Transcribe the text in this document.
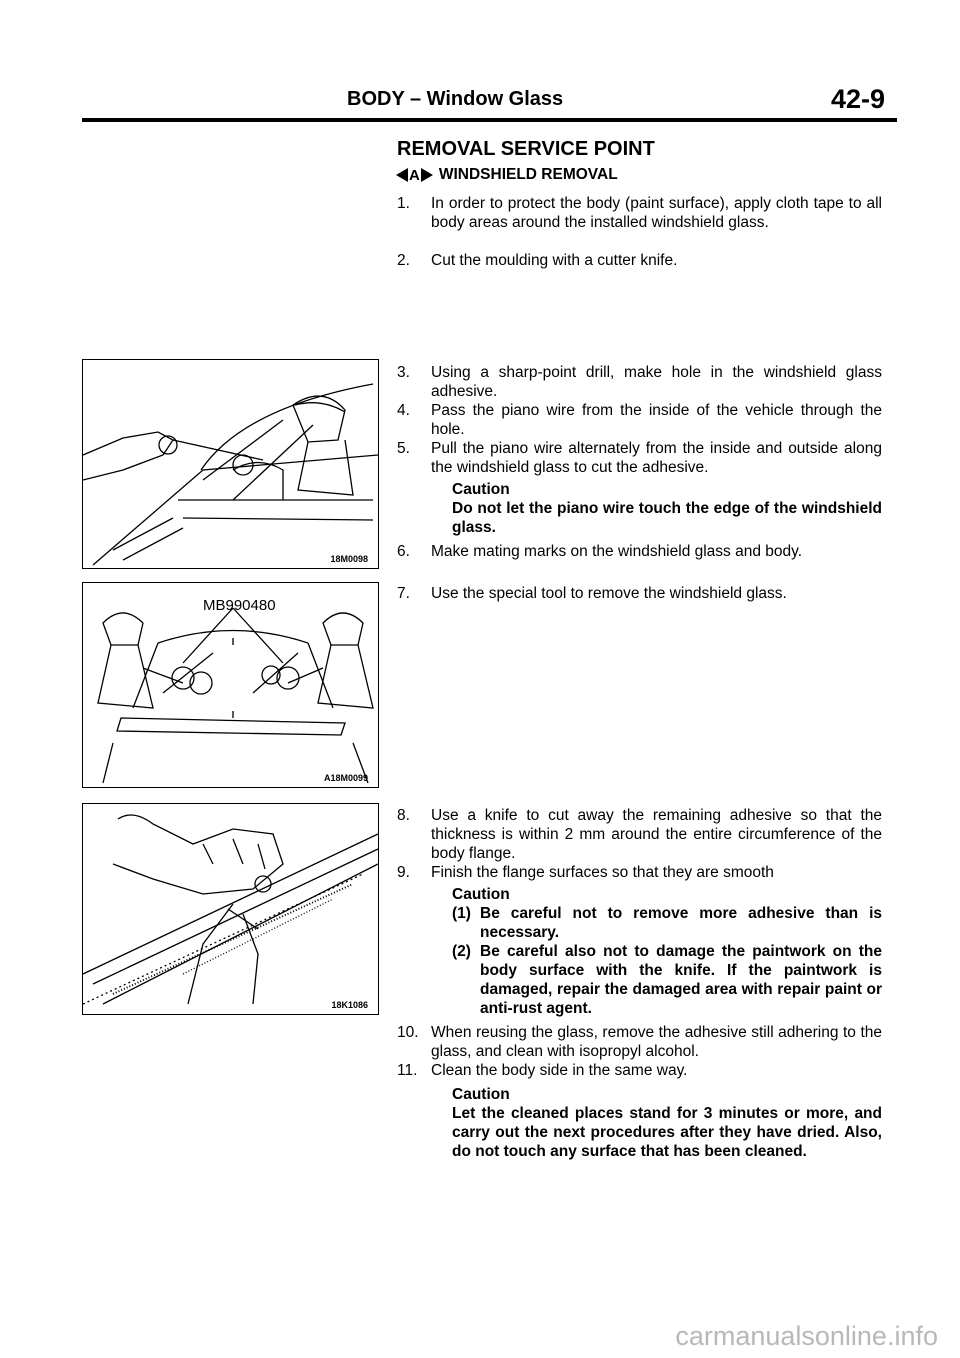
BODY – Window Glass	42-9
REMOVAL SERVICE POINT
A WINDSHIELD REMOVAL
1.	In order to protect the body (paint surface), apply cloth tape to all body areas around the installed windshield glass.
2.	Cut the moulding with a cutter knife.
3.	Using a sharp-point drill, make hole in the windshield glass adhesive.
4.	Pass the piano wire from the inside of the vehicle through the hole.
5.	Pull the piano wire alternately from the inside and outside along the windshield glass to cut the adhesive.
Caution
Do not let the piano wire touch the edge of the windshield glass.
6.	Make mating marks on the windshield glass and body.
7.	Use the special tool to remove the windshield glass.
8.	Use a knife to cut away the remaining adhesive so that the thickness is within 2 mm around the entire circumference of the body flange.
9.	Finish the flange surfaces so that they are smooth
Caution
(1) Be careful not to remove more adhesive than is necessary.
(2) Be careful also not to damage the paintwork on the body surface with the knife. If the paintwork is damaged, repair the damaged area with repair paint or anti-rust agent.
10. When reusing the glass, remove the adhesive still adhering to the glass, and clean with isopropyl alcohol.
11. Clean the body side in the same way.
Caution
Let the cleaned places stand for 3 minutes or more, and carry out the next procedures after they have dried. Also, do not touch any surface that has been cleaned.
18M0098
MB990480
A18M0099
18K1086
carmanualsonline.info
